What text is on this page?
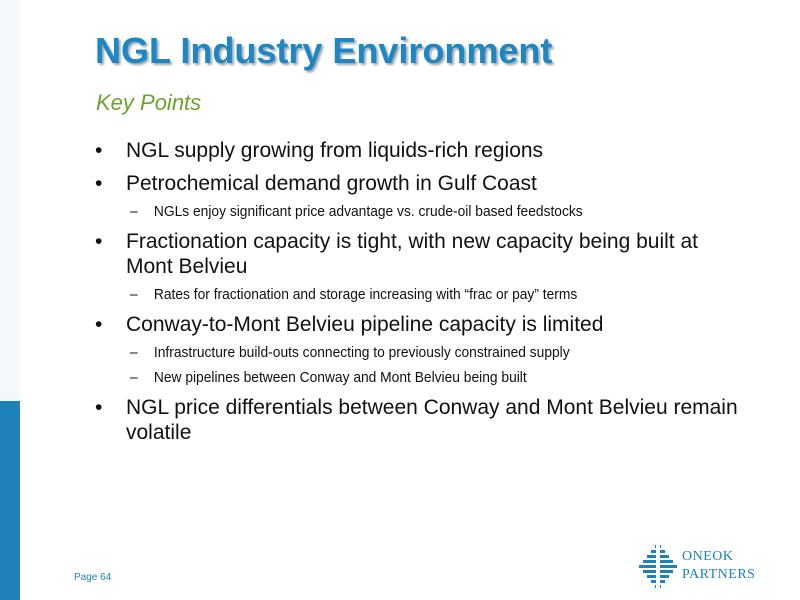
NGL Industry Environment
Key Points
• NGL supply growing from liquids-rich regions
• Petrochemical demand growth in Gulf Coast
– NGLs enjoy significant price advantage vs. crude-oil based feedstocks
• Fractionation capacity is tight, with new capacity being built at Mont Belvieu
– Rates for fractionation and storage increasing with “frac or pay” terms
• Conway-to-Mont Belvieu pipeline capacity is limited
– Infrastructure build-outs connecting to previously constrained supply
– New pipelines between Conway and Mont Belvieu being built
• NGL price differentials between Conway and Mont Belvieu remain volatile
Page 64
ONEOK
PARTNERS
